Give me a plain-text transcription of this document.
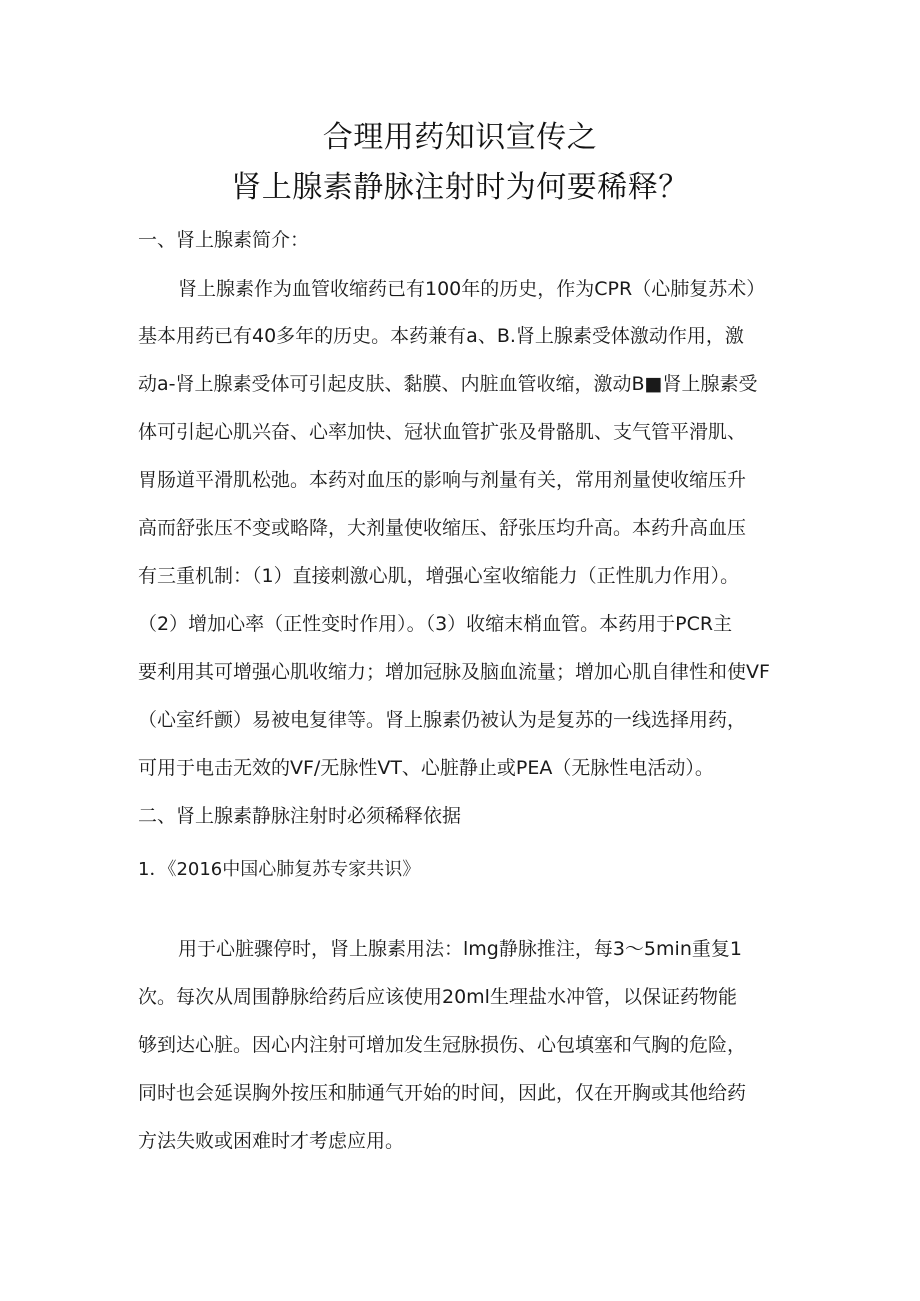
合理用药知识宣传之
肾上腺素静脉注射时为何要稀释？
一、肾上腺素简介：
肾上腺素作为血管收缩药已有100年的历史，作为CPR（心肺复苏术）
基本用药已有40多年的历史。本药兼有a、B.肾上腺素受体激动作用，激
动a-肾上腺素受体可引起皮肤、黏膜、内脏血管收缩，激动B■肾上腺素受
体可引起心肌兴奋、心率加快、冠状血管扩张及骨骼肌、支气管平滑肌、
胃肠道平滑肌松弛。本药对血压的影响与剂量有关，常用剂量使收缩压升
高而舒张压不变或略降，大剂量使收缩压、舒张压均升高。本药升高血压
有三重机制：（1）直接刺激心肌，增强心室收缩能力（正性肌力作用）。
（2）增加心率（正性变时作用）。（3）收缩末梢血管。本药用于PCR主
要利用其可增强心肌收缩力；增加冠脉及脑血流量；增加心肌自律性和使VF
（心室纤颤）易被电复律等。肾上腺素仍被认为是复苏的一线选择用药，
可用于电击无效的VF/无脉性VT、心脏静止或PEA（无脉性电活动）。
二、肾上腺素静脉注射时必须稀释依据
1．《2016中国心肺复苏专家共识》
用于心脏骤停时，肾上腺素用法：lmg静脉推注，每3～5min重复1
次。每次从周围静脉给药后应该使用20ml生理盐水冲管，以保证药物能
够到达心脏。因心内注射可增加发生冠脉损伤、心包填塞和气胸的危险，
同时也会延误胸外按压和肺通气开始的时间，因此，仅在开胸或其他给药
方法失败或困难时才考虑应用。
